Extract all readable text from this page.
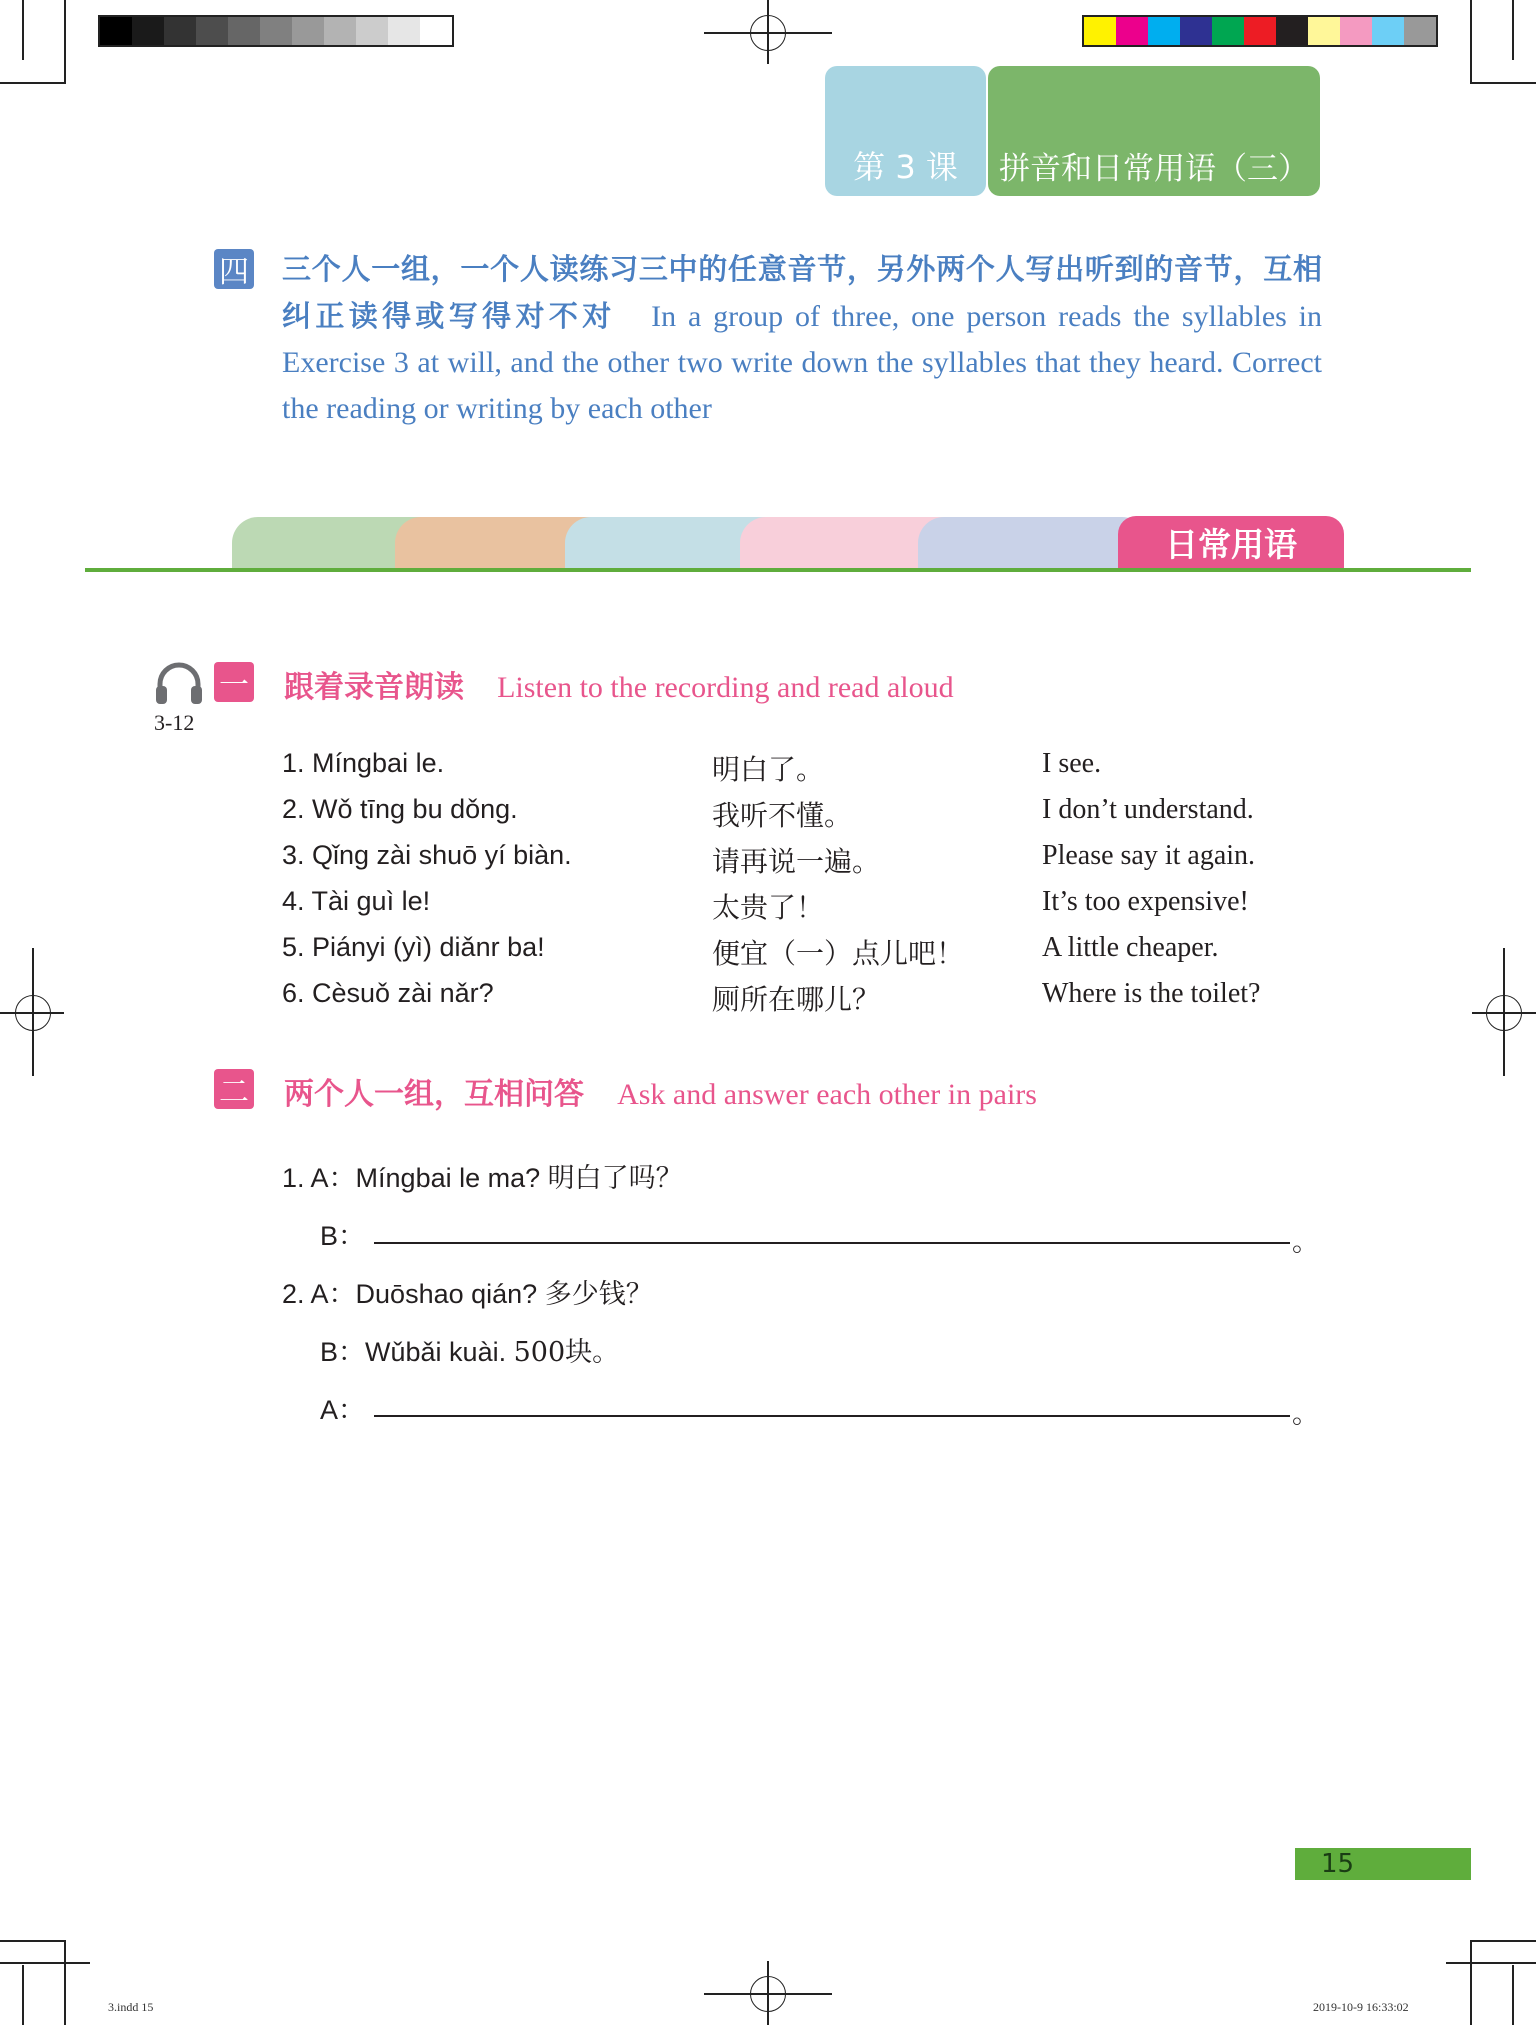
第 3 课	拼音和日常用语（三）
四 三个人一组，一个人读练习三中的任意音节，另外两个人写出听到的音节，互相纠正读得或写得对不对 In a group of three, one person reads the syllables in Exercise 3 at will, and the other two write down the syllables that they heard. Correct the reading or writing by each other
日常用语
3-12
一 跟着录音朗读 Listen to the recording and read aloud
1. Míngbai le.	明白了。	I see.
2. Wǒ tīng bu dǒng.	我听不懂。	I don’t understand.
3. Qǐng zài shuō yí biàn.	请再说一遍。	Please say it again.
4. Tài guì le!	太贵了！	It’s too expensive!
5. Piányi (yì) diǎnr ba!	便宜（一）点儿吧！	A little cheaper.
6. Cèsuǒ zài nǎr?	厕所在哪儿？	Where is the toilet?
二 两个人一组，互相问答 Ask and answer each other in pairs
1. A：Míngbai le ma? 明白了吗？
B：	。
2. A：Duōshao qián? 多少钱？
B：Wǔbǎi kuài. 500块。
A：	。
15
3.indd 15	2019-10-9 16:33:02
